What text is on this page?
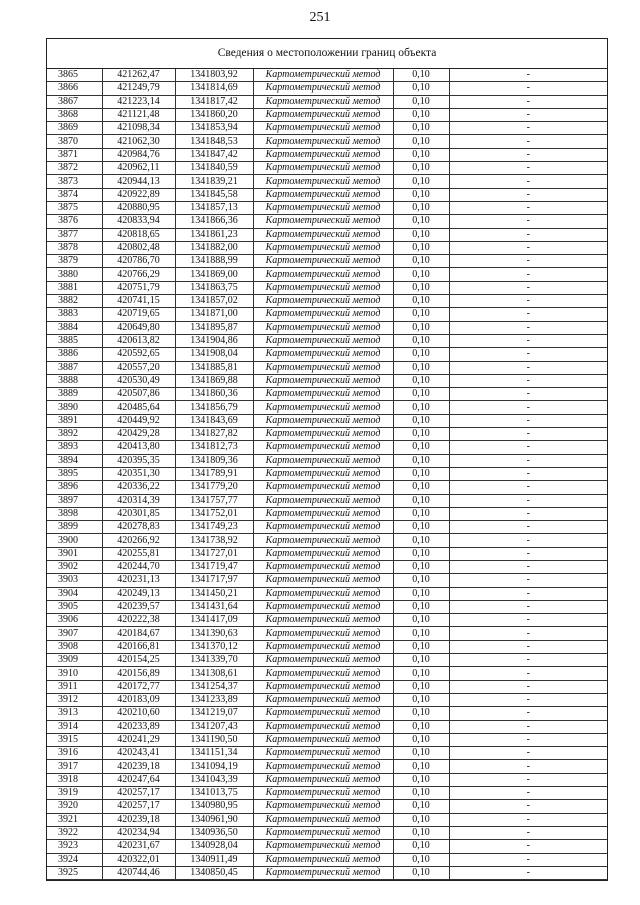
251
Сведения о местоположении границ объекта
3865	421262,47	1341803,92	Картометрический метод	0,10	-
3866	421249,79	1341814,69	Картометрический метод	0,10	-
3867	421223,14	1341817,42	Картометрический метод	0,10	-
3868	421121,48	1341860,20	Картометрический метод	0,10	-
3869	421098,34	1341853,94	Картометрический метод	0,10	-
3870	421062,30	1341848,53	Картометрический метод	0,10	-
3871	420984,76	1341847,42	Картометрический метод	0,10	-
3872	420962,11	1341840,59	Картометрический метод	0,10	-
3873	420944,13	1341839,21	Картометрический метод	0,10	-
3874	420922,89	1341845,58	Картометрический метод	0,10	-
3875	420880,95	1341857,13	Картометрический метод	0,10	-
3876	420833,94	1341866,36	Картометрический метод	0,10	-
3877	420818,65	1341861,23	Картометрический метод	0,10	-
3878	420802,48	1341882,00	Картометрический метод	0,10	-
3879	420786,70	1341888,99	Картометрический метод	0,10	-
3880	420766,29	1341869,00	Картометрический метод	0,10	-
3881	420751,79	1341863,75	Картометрический метод	0,10	-
3882	420741,15	1341857,02	Картометрический метод	0,10	-
3883	420719,65	1341871,00	Картометрический метод	0,10	-
3884	420649,80	1341895,87	Картометрический метод	0,10	-
3885	420613,82	1341904,86	Картометрический метод	0,10	-
3886	420592,65	1341908,04	Картометрический метод	0,10	-
3887	420557,20	1341885,81	Картометрический метод	0,10	-
3888	420530,49	1341869,88	Картометрический метод	0,10	-
3889	420507,86	1341860,36	Картометрический метод	0,10	-
3890	420485,64	1341856,79	Картометрический метод	0,10	-
3891	420449,92	1341843,69	Картометрический метод	0,10	-
3892	420429,28	1341827,82	Картометрический метод	0,10	-
3893	420413,80	1341812,73	Картометрический метод	0,10	-
3894	420395,35	1341809,36	Картометрический метод	0,10	-
3895	420351,30	1341789,91	Картометрический метод	0,10	-
3896	420336,22	1341779,20	Картометрический метод	0,10	-
3897	420314,39	1341757,77	Картометрический метод	0,10	-
3898	420301,85	1341752,01	Картометрический метод	0,10	-
3899	420278,83	1341749,23	Картометрический метод	0,10	-
3900	420266,92	1341738,92	Картометрический метод	0,10	-
3901	420255,81	1341727,01	Картометрический метод	0,10	-
3902	420244,70	1341719,47	Картометрический метод	0,10	-
3903	420231,13	1341717,97	Картометрический метод	0,10	-
3904	420249,13	1341450,21	Картометрический метод	0,10	-
3905	420239,57	1341431,64	Картометрический метод	0,10	-
3906	420222,38	1341417,09	Картометрический метод	0,10	-
3907	420184,67	1341390,63	Картометрический метод	0,10	-
3908	420166,81	1341370,12	Картометрический метод	0,10	-
3909	420154,25	1341339,70	Картометрический метод	0,10	-
3910	420156,89	1341308,61	Картометрический метод	0,10	-
3911	420172,77	1341254,37	Картометрический метод	0,10	-
3912	420183,09	1341233,89	Картометрический метод	0,10	-
3913	420210,60	1341219,07	Картометрический метод	0,10	-
3914	420233,89	1341207,43	Картометрический метод	0,10	-
3915	420241,29	1341190,50	Картометрический метод	0,10	-
3916	420243,41	1341151,34	Картометрический метод	0,10	-
3917	420239,18	1341094,19	Картометрический метод	0,10	-
3918	420247,64	1341043,39	Картометрический метод	0,10	-
3919	420257,17	1341013,75	Картометрический метод	0,10	-
3920	420257,17	1340980,95	Картометрический метод	0,10	-
3921	420239,18	1340961,90	Картометрический метод	0,10	-
3922	420234,94	1340936,50	Картометрический метод	0,10	-
3923	420231,67	1340928,04	Картометрический метод	0,10	-
3924	420322,01	1340911,49	Картометрический метод	0,10	-
3925	420744,46	1340850,45	Картометрический метод	0,10	-
